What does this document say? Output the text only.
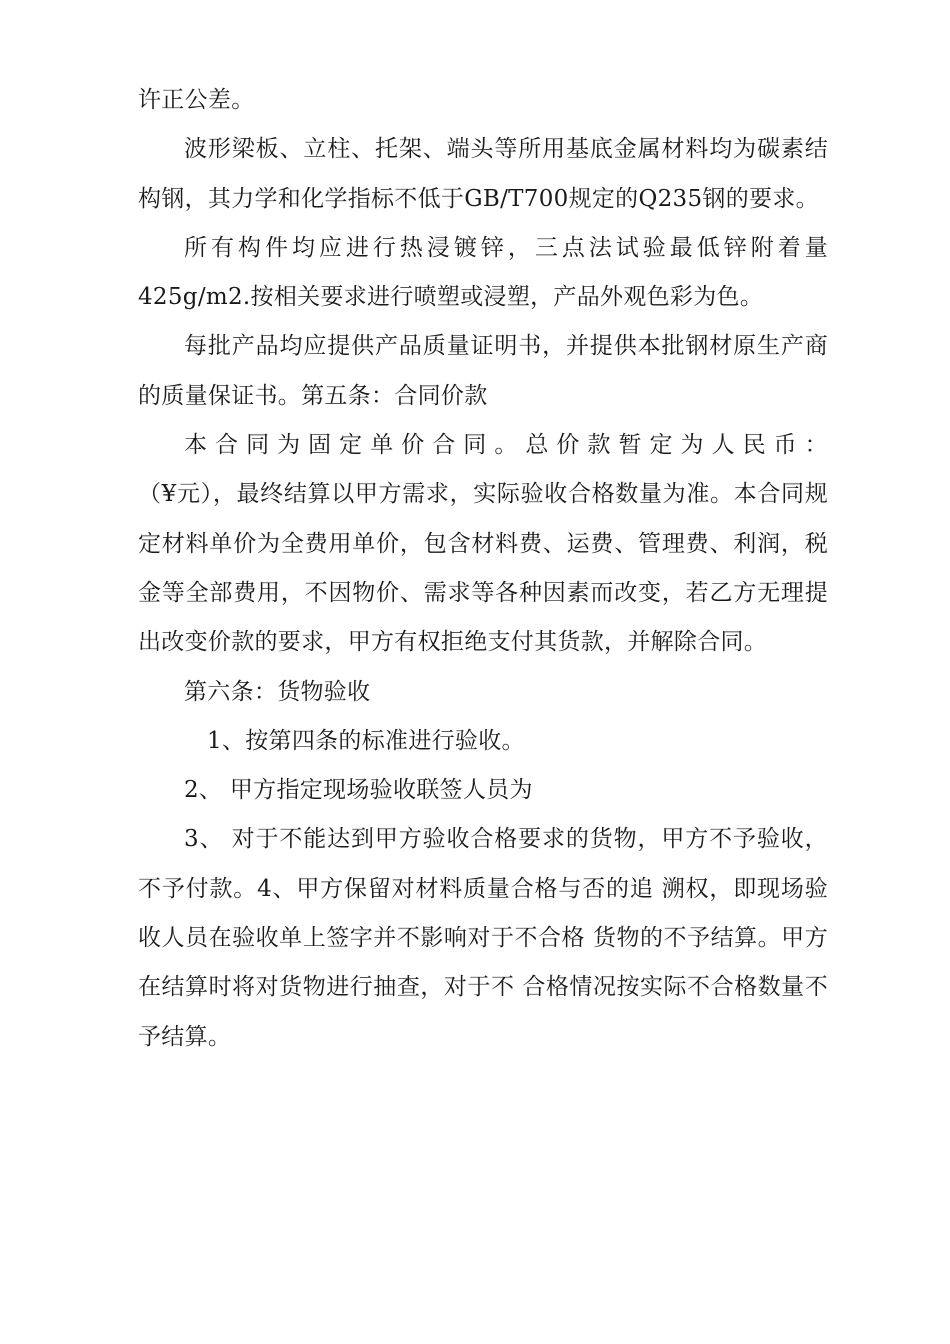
许正公差。

波形梁板、立柱、托架、端头等所用基底金属材料均为碳素结构钢，其力学和化学指标不低于GB/T700规定的Q235钢的要求。

所有构件均应进行热浸镀锌，三点法试验最低锌附着量425g/m2.按相关要求进行喷塑或浸塑，产品外观色彩为色。

每批产品均应提供产品质量证明书，并提供本批钢材原生产商的质量保证书。第五条：合同价款

本合同为固定单价合同。总价款暂定为人民币：

（¥元），最终结算以甲方需求，实际验收合格数量为准。本合同规定材料单价为全费用单价，包含材料费、运费、管理费、利润，税金等全部费用，不因物价、需求等各种因素而改变，若乙方无理提出改变价款的要求，甲方有权拒绝支付其货款，并解除合同。

第六条：货物验收

1、按第四条的标准进行验收。

2、 甲方指定现场验收联签人员为

3、 对于不能达到甲方验收合格要求的货物，甲方不予验收，不予付款。4、甲方保留对材料质量合格与否的追 溯权，即现场验收人员在验收单上签字并不影响对于不合格 货物的不予结算。甲方在结算时将对货物进行抽查，对于不 合格情况按实际不合格数量不予结算。
